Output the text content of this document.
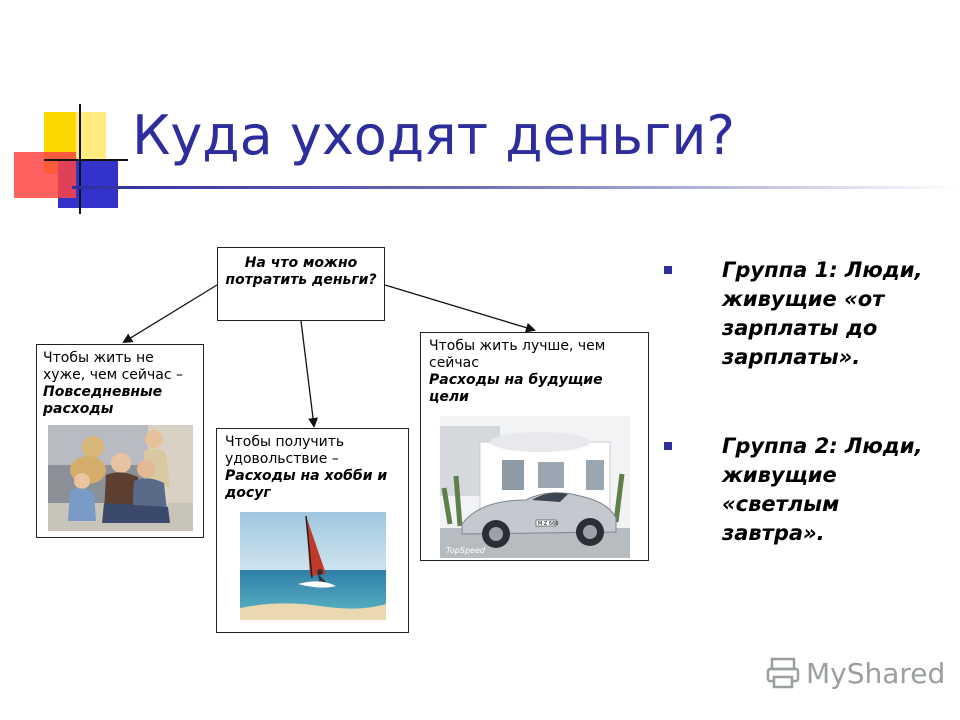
Куда уходят деньги?
На что можно потратить деньги?
Чтобы жить не хуже, чем сейчас –
Повседневные расходы
Чтобы получить удовольствие –
Расходы на хобби и досуг
Чтобы жить лучше, чем сейчас
Расходы на будущие цели
M·Z 660
TopSpeed
Группа 1: Люди, живущие «от зарплаты до зарплаты».
Группа 2: Люди, живущие «светлым завтра».
MyShared
